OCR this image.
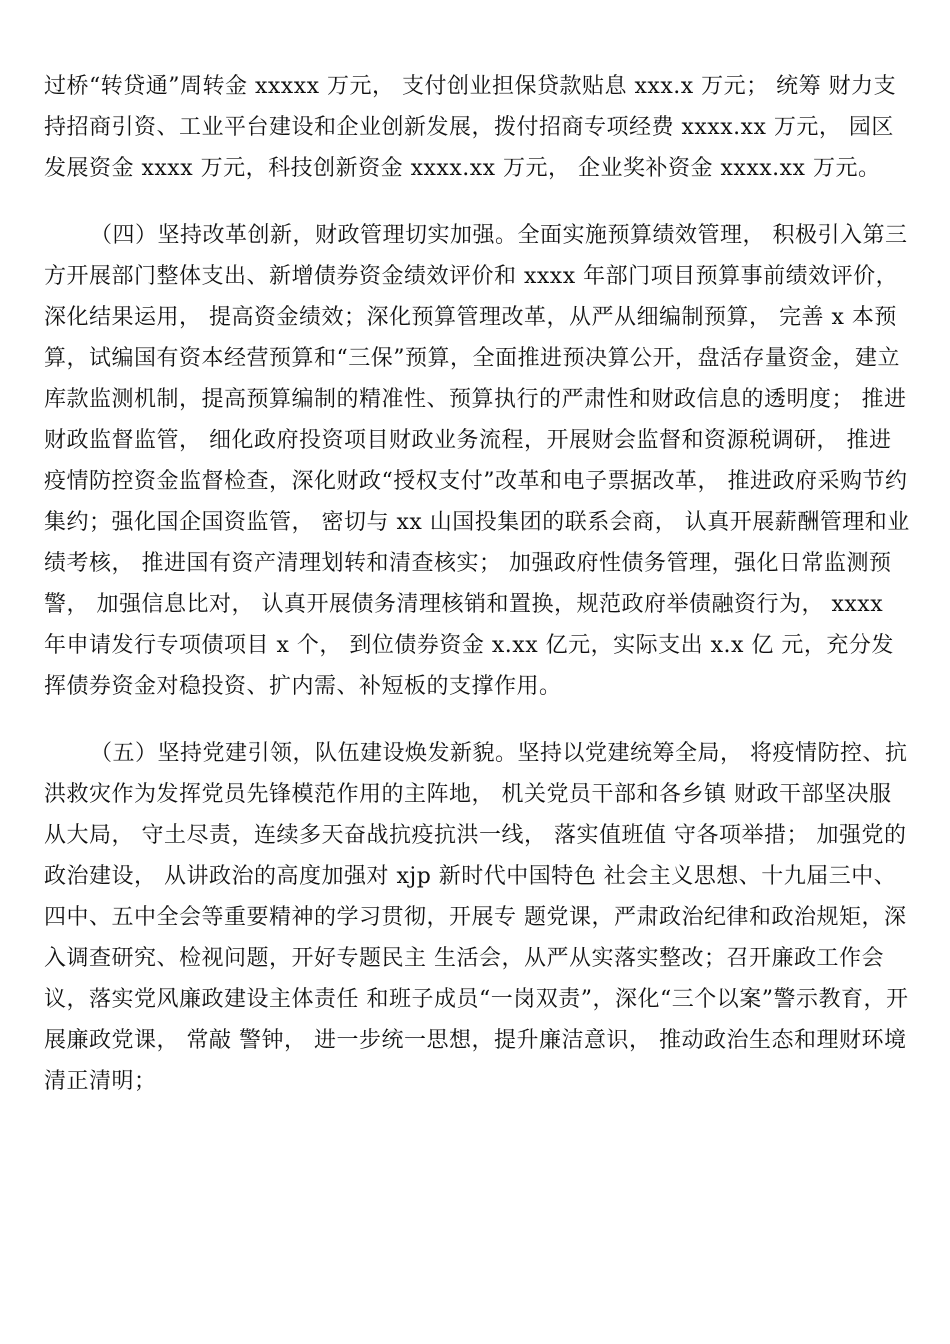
过桥“转贷通”周转金 xxxxx 万元， 支付创业担保贷款贴息 xxx.x 万元； 统筹 财力支持招商引资、工业平台建设和企业创新发展，拨付招商专项经费 xxxx.xx 万元， 园区发展资金 xxxx 万元，科技创新资金 xxxx.xx 万元， 企业奖补资金 xxxx.xx 万元。

（四）坚持改革创新，财政管理切实加强。全面实施预算绩效管理， 积极引入第三方开展部门整体支出、新增债券资金绩效评价和 xxxx 年部门项目预算事前绩效评价， 深化结果运用， 提高资金绩效；深化预算管理改革，从严从细编制预算， 完善 x 本预算，试编国有资本经营预算和“三保”预算，全面推进预决算公开，盘活存量资金，建立库款监测机制，提高预算编制的精准性、预算执行的严肃性和财政信息的透明度； 推进财政监督监管， 细化政府投资项目财政业务流程，开展财会监督和资源税调研， 推进疫情防控资金监督检查，深化财政“授权支付”改革和电子票据改革， 推进政府采购节约集约；强化国企国资监管， 密切与 xx 山国投集团的联系会商， 认真开展薪酬管理和业绩考核， 推进国有资产清理划转和清查核实； 加强政府性债务管理，强化日常监测预警， 加强信息比对， 认真开展债务清理核销和置换，规范政府举债融资行为， xxxx 年申请发行专项债项目 x 个， 到位债券资金 x.xx 亿元，实际支出 x.x 亿 元，充分发挥债券资金对稳投资、扩内需、补短板的支撑作用。

（五）坚持党建引领，队伍建设焕发新貌。坚持以党建统筹全局， 将疫情防控、抗洪救灾作为发挥党员先锋模范作用的主阵地， 机关党员干部和各乡镇 财政干部坚决服从大局， 守土尽责，连续多天奋战抗疫抗洪一线， 落实值班值 守各项举措； 加强党的政治建设， 从讲政治的高度加强对 xjp 新时代中国特色 社会主义思想、十九届三中、四中、五中全会等重要精神的学习贯彻，开展专 题党课，严肃政治纪律和政治规矩，深入调查研究、检视问题，开好专题民主 生活会，从严从实落实整改；召开廉政工作会议，落实党风廉政建设主体责任 和班子成员“一岗双责”，深化“三个以案”警示教育，开展廉政党课， 常敲 警钟， 进一步统一思想，提升廉洁意识， 推动政治生态和理财环境清正清明；
